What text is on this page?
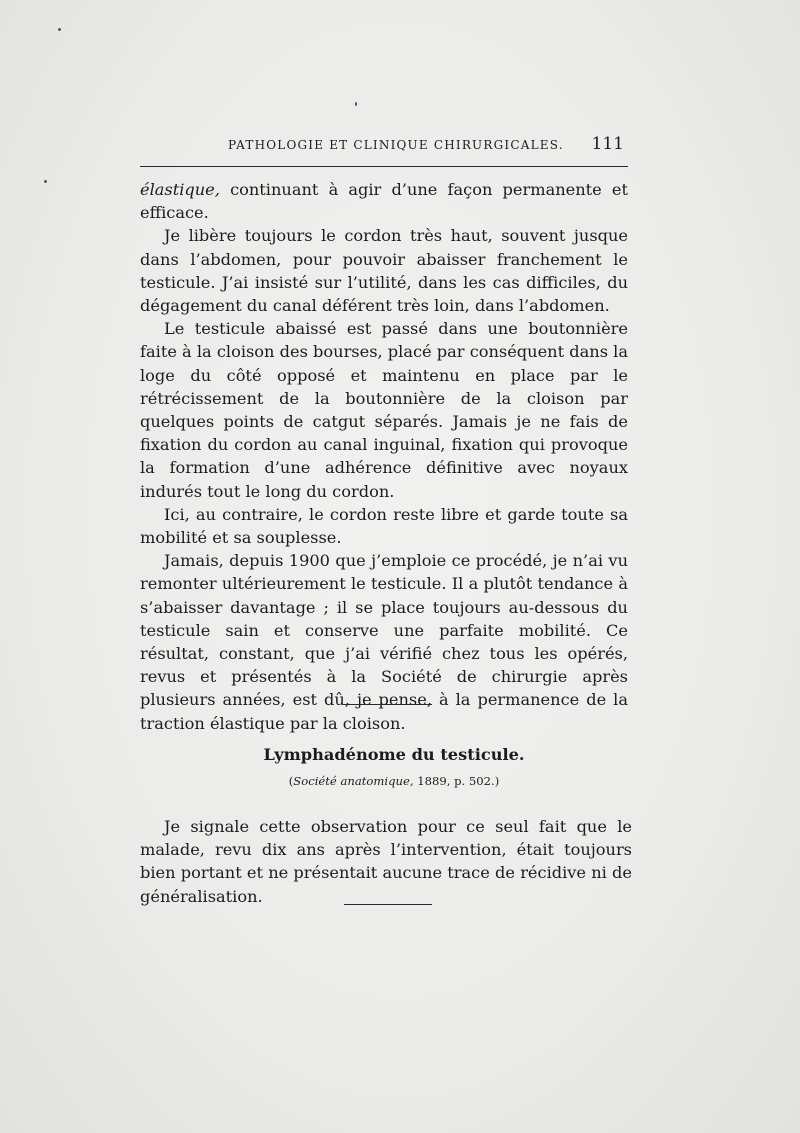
PATHOLOGIE ET CLINIQUE CHIRURGICALES. 111

élastique, continuant à agir d’une façon permanente et efficace.

Je libère toujours le cordon très haut, souvent jusque dans l’abdomen, pour pouvoir abaisser franchement le testicule. J’ai insisté sur l’utilité, dans les cas difficiles, du dégagement du canal déférent très loin, dans l’abdomen.

Le testicule abaissé est passé dans une boutonnière faite à la cloison des bourses, placé par conséquent dans la loge du côté opposé et maintenu en place par le rétrécissement de la boutonnière de la cloison par quelques points de catgut séparés. Jamais je ne fais de fixation du cordon au canal inguinal, fixation qui provoque la formation d’une adhérence définitive avec noyaux indurés tout le long du cordon.

Ici, au contraire, le cordon reste libre et garde toute sa mobilité et sa souplesse.

Jamais, depuis 1900 que j’emploie ce procédé, je n’ai vu remonter ultérieurement le testicule. Il a plutôt tendance à s’abaisser davantage ; il se place toujours au-dessous du testicule sain et conserve une parfaite mobilité. Ce résultat, constant, que j’ai vérifié chez tous les opérés, revus et présentés à la Société de chirurgie après plusieurs années, est dû, je pense, à la permanence de la traction élastique par la cloison.

Lymphadénome du testicule.
(Société anatomique, 1889, p. 502.)

Je signale cette observation pour ce seul fait que le malade, revu dix ans après l’intervention, était toujours bien portant et ne présentait aucune trace de récidive ni de généralisation.
